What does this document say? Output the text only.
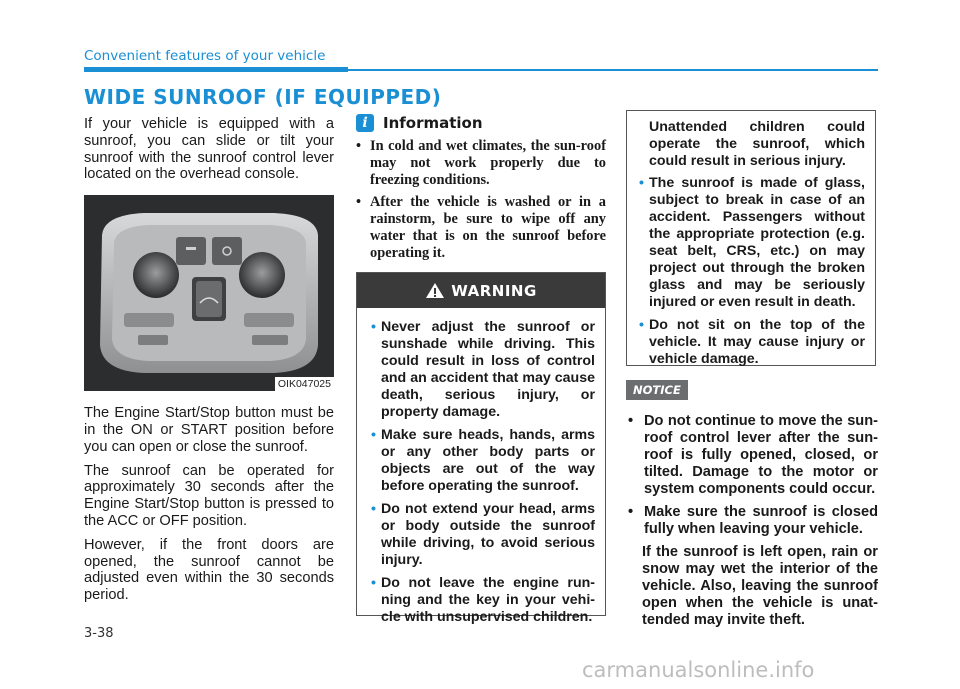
Convenient features of your vehicle
WIDE SUNROOF (IF EQUIPPED)

If your vehicle is equipped with a sunroof, you can slide or tilt your sunroof with the sunroof control lever located on the overhead console.

OIK047025

The Engine Start/Stop button must be in the ON or START position before you can open or close the sunroof.

The sunroof can be operated for approximately 30 seconds after the Engine Start/Stop button is pressed to the ACC or OFF position.

However, if the front doors are opened, the sunroof cannot be adjusted even within the 30 seconds period.

i	Information
• In cold and wet climates, the sun-roof may not work properly due to freezing conditions.
• After the vehicle is washed or in a rainstorm, be sure to wipe off any water that is on the sunroof before operating it.
WARNING
• Never adjust the sunroof or sunshade while driving. This could result in loss of control and an accident that may cause death, serious injury, or property damage.
• Make sure heads, hands, arms or any other body parts or objects are out of the way before operating the sunroof.
• Do not extend your head, arms or body outside the sunroof while driving, to avoid serious injury.
• Do not leave the engine run-ning and the key in your vehi-cle with unsupervised children.

Unattended children could operate the sunroof, which could result in serious injury.

• The sunroof is made of glass, subject to break in case of an accident. Passengers without the appropriate protection (e.g. seat belt, CRS, etc.) on may project out through the broken glass and may be seriously injured or even result in death.
• Do not sit on the top of the vehicle. It may cause injury or vehicle damage.
NOTICE
• Do not continue to move the sun-roof control lever after the sun-roof is fully opened, closed, or tilted. Damage to the motor or system components could occur.
• Make sure the sunroof is closed fully when leaving your vehicle.

If the sunroof is left open, rain or snow may wet the interior of the vehicle. Also, leaving the sunroof open when the vehicle is unat-tended may invite theft.

3-38
carmanualsonline.info
